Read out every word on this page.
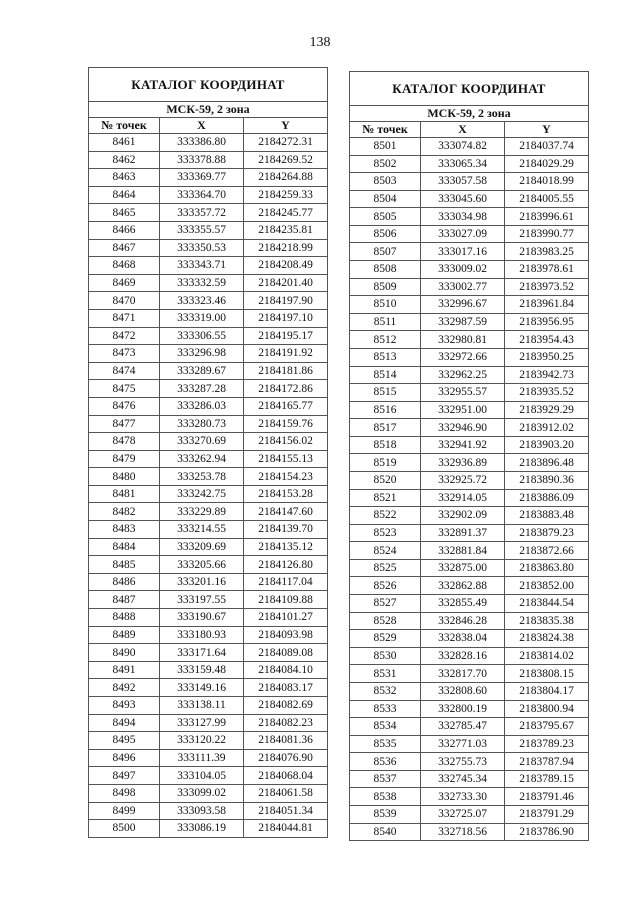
138
КАТАЛОГ КООРДИНАТ		
МСК-59, 2 зона		
№ точек	X	Y
8461	333386.80	2184272.31
8462	333378.88	2184269.52
8463	333369.77	2184264.88
8464	333364.70	2184259.33
8465	333357.72	2184245.77
8466	333355.57	2184235.81
8467	333350.53	2184218.99
8468	333343.71	2184208.49
8469	333332.59	2184201.40
8470	333323.46	2184197.90
8471	333319.00	2184197.10
8472	333306.55	2184195.17
8473	333296.98	2184191.92
8474	333289.67	2184181.86
8475	333287.28	2184172.86
8476	333286.03	2184165.77
8477	333280.73	2184159.76
8478	333270.69	2184156.02
8479	333262.94	2184155.13
8480	333253.78	2184154.23
8481	333242.75	2184153.28
8482	333229.89	2184147.60
8483	333214.55	2184139.70
8484	333209.69	2184135.12
8485	333205.66	2184126.80
8486	333201.16	2184117.04
8487	333197.55	2184109.88
8488	333190.67	2184101.27
8489	333180.93	2184093.98
8490	333171.64	2184089.08
8491	333159.48	2184084.10
8492	333149.16	2184083.17
8493	333138.11	2184082.69
8494	333127.99	2184082.23
8495	333120.22	2184081.36
8496	333111.39	2184076.90
8497	333104.05	2184068.04
8498	333099.02	2184061.58
8499	333093.58	2184051.34
8500	333086.19	2184044.81
КАТАЛОГ КООРДИНАТ		
МСК-59, 2 зона		
№ точек	X	Y
8501	333074.82	2184037.74
8502	333065.34	2184029.29
8503	333057.58	2184018.99
8504	333045.60	2184005.55
8505	333034.98	2183996.61
8506	333027.09	2183990.77
8507	333017.16	2183983.25
8508	333009.02	2183978.61
8509	333002.77	2183973.52
8510	332996.67	2183961.84
8511	332987.59	2183956.95
8512	332980.81	2183954.43
8513	332972.66	2183950.25
8514	332962.25	2183942.73
8515	332955.57	2183935.52
8516	332951.00	2183929.29
8517	332946.90	2183912.02
8518	332941.92	2183903.20
8519	332936.89	2183896.48
8520	332925.72	2183890.36
8521	332914.05	2183886.09
8522	332902.09	2183883.48
8523	332891.37	2183879.23
8524	332881.84	2183872.66
8525	332875.00	2183863.80
8526	332862.88	2183852.00
8527	332855.49	2183844.54
8528	332846.28	2183835.38
8529	332838.04	2183824.38
8530	332828.16	2183814.02
8531	332817.70	2183808.15
8532	332808.60	2183804.17
8533	332800.19	2183800.94
8534	332785.47	2183795.67
8535	332771.03	2183789.23
8536	332755.73	2183787.94
8537	332745.34	2183789.15
8538	332733.30	2183791.46
8539	332725.07	2183791.29
8540	332718.56	2183786.90
